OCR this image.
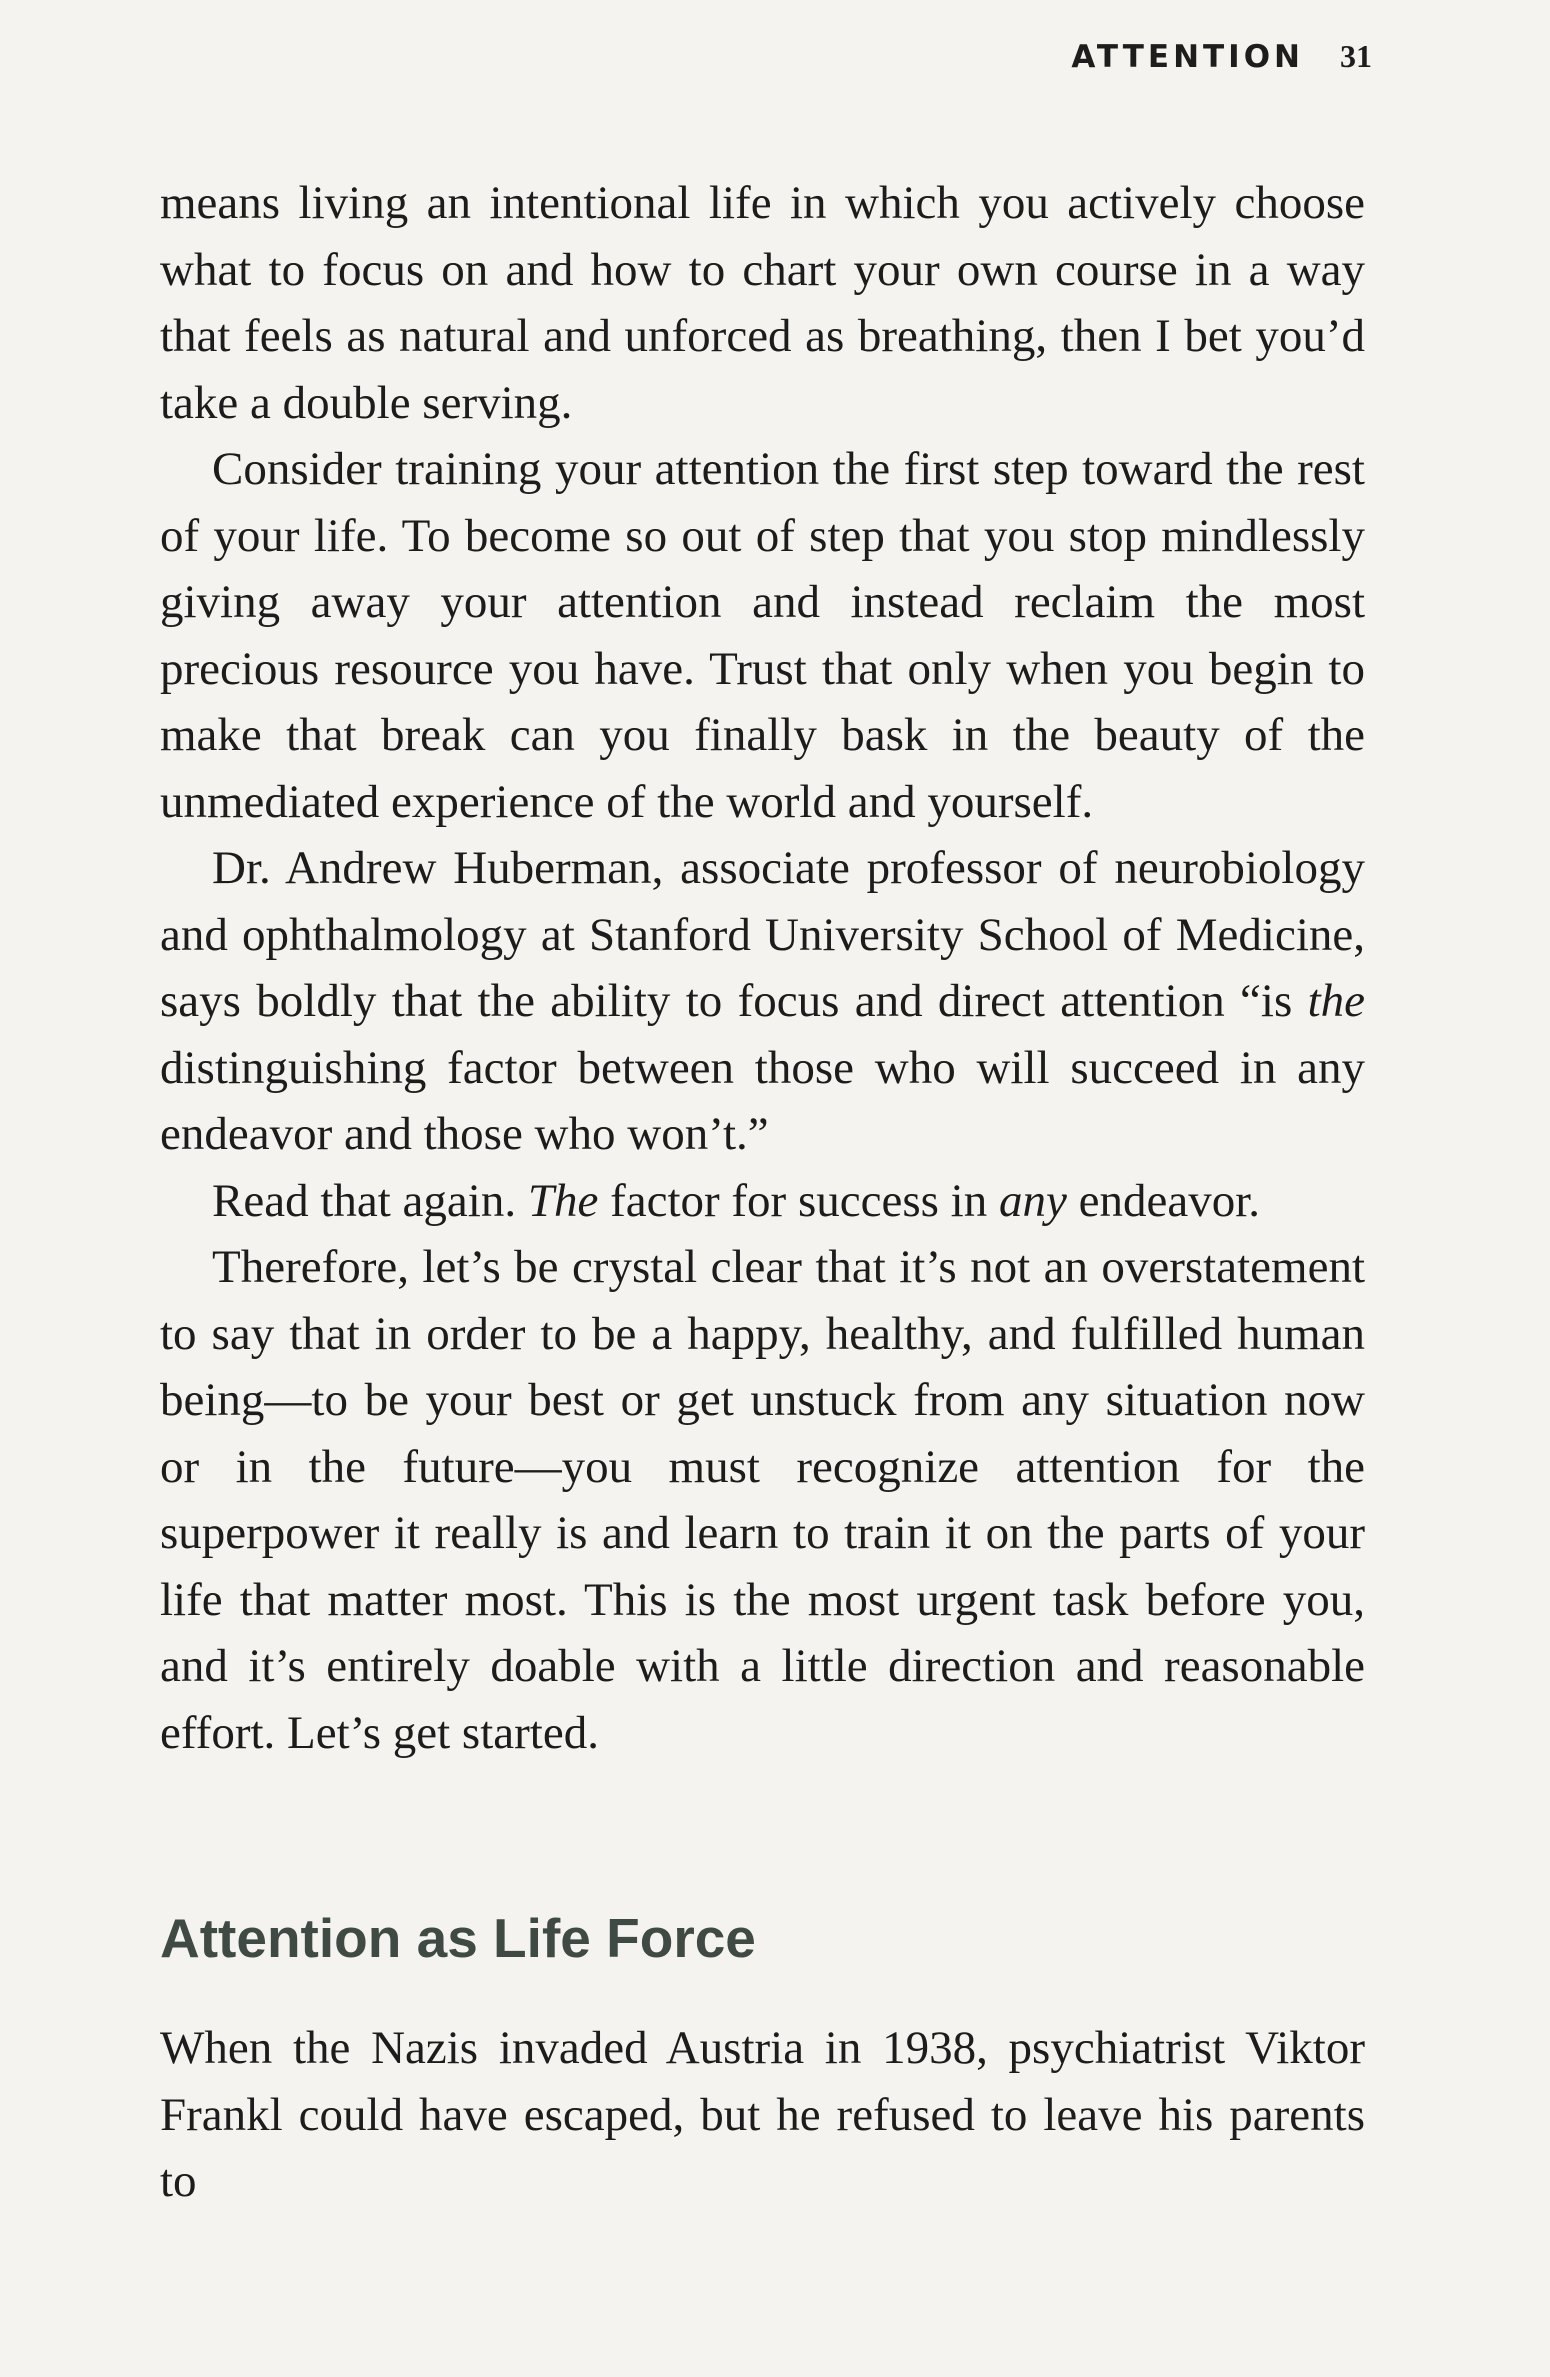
ATTENTION 31

means living an intentional life in which you actively choose what to focus on and how to chart your own course in a way that feels as natural and unforced as breathing, then I bet you’d take a double serving.

Consider training your attention the first step toward the rest of your life. To become so out of step that you stop mindlessly giving away your attention and instead reclaim the most precious resource you have. Trust that only when you begin to make that break can you finally bask in the beauty of the unmediated experience of the world and yourself.

Dr. Andrew Huberman, associate professor of neurobiology and ophthalmology at Stanford University School of Medicine, says boldly that the ability to focus and direct attention “is the distinguishing factor between those who will succeed in any endeavor and those who won’t.”

Read that again. The factor for success in any endeavor.

Therefore, let’s be crystal clear that it’s not an overstatement to say that in order to be a happy, healthy, and fulfilled human being—to be your best or get unstuck from any situation now or in the future—you must recognize attention for the superpower it really is and learn to train it on the parts of your life that matter most. This is the most urgent task before you, and it’s entirely doable with a little direction and reasonable effort. Let’s get started.

Attention as Life Force

When the Nazis invaded Austria in 1938, psychiatrist Viktor Frankl could have escaped, but he refused to leave his parents to
